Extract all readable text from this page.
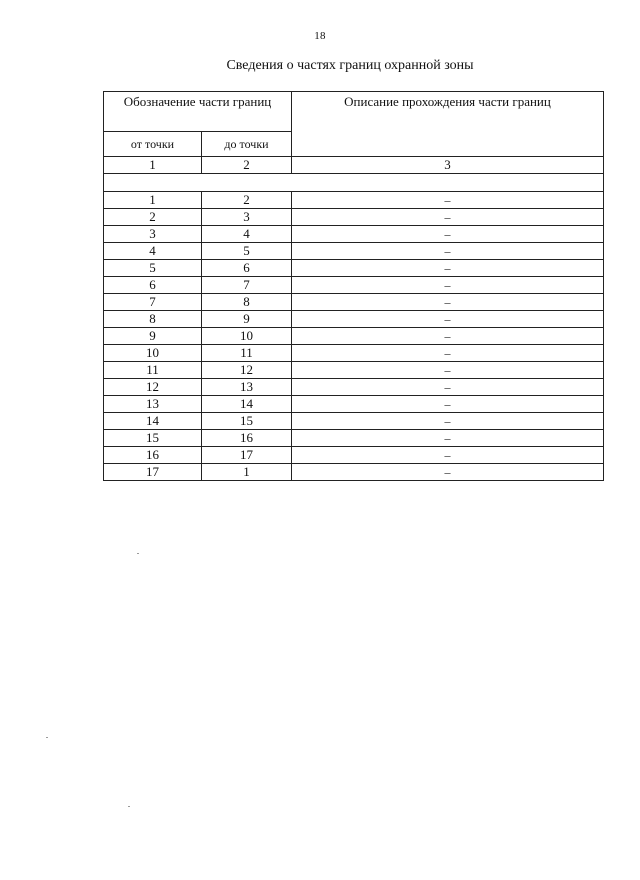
18
Сведения о частях границ охранной зоны
Обозначение части границ		Описание прохождения части границ
от точки	до точки	
1	2	3

1	2	–
2	3	–
3	4	–
4	5	–
5	6	–
6	7	–
7	8	–
8	9	–
9	10	–
10	11	–
11	12	–
12	13	–
13	14	–
14	15	–
15	16	–
16	17	–
17	1	–
